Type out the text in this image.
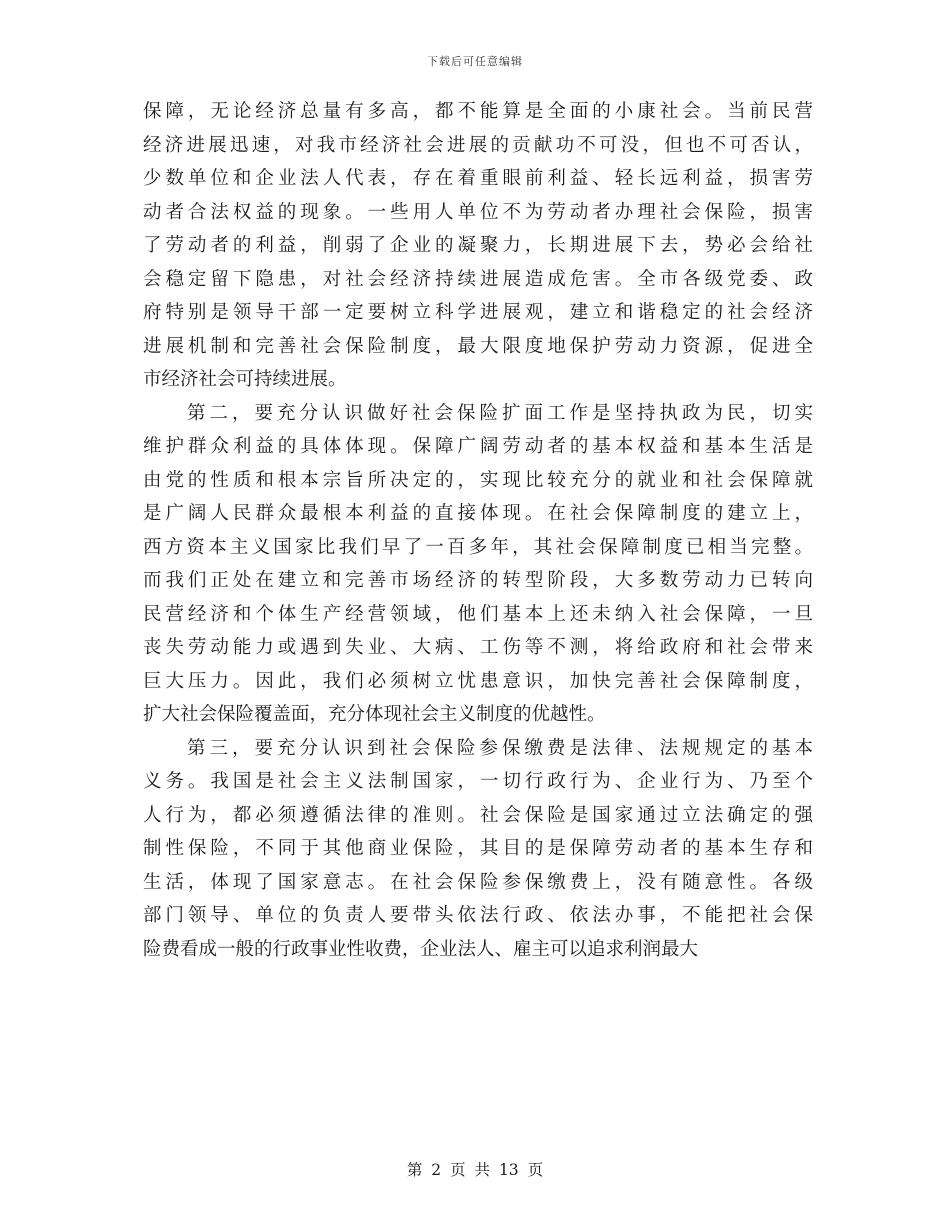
下载后可任意编辑
保障，无论经济总量有多高，都不能算是全面的小康社会。当前民营
经济进展迅速，对我市经济社会进展的贡献功不可没，但也不可否认，
少数单位和企业法人代表，存在着重眼前利益、轻长远利益，损害劳
动者合法权益的现象。一些用人单位不为劳动者办理社会保险，损害
了劳动者的利益，削弱了企业的凝聚力，长期进展下去，势必会给社
会稳定留下隐患，对社会经济持续进展造成危害。全市各级党委、政
府特别是领导干部一定要树立科学进展观，建立和谐稳定的社会经济
进展机制和完善社会保险制度，最大限度地保护劳动力资源，促进全
市经济社会可持续进展。
第二，要充分认识做好社会保险扩面工作是坚持执政为民，切实
维护群众利益的具体体现。保障广阔劳动者的基本权益和基本生活是
由党的性质和根本宗旨所决定的，实现比较充分的就业和社会保障就
是广阔人民群众最根本利益的直接体现。在社会保障制度的建立上，
西方资本主义国家比我们早了一百多年，其社会保障制度已相当完整。
而我们正处在建立和完善市场经济的转型阶段，大多数劳动力已转向
民营经济和个体生产经营领域，他们基本上还未纳入社会保障，一旦
丧失劳动能力或遇到失业、大病、工伤等不测，将给政府和社会带来
巨大压力。因此，我们必须树立忧患意识，加快完善社会保障制度，
扩大社会保险覆盖面，充分体现社会主义制度的优越性。
第三，要充分认识到社会保险参保缴费是法律、法规规定的基本
义务。我国是社会主义法制国家，一切行政行为、企业行为、乃至个
人行为，都必须遵循法律的准则。社会保险是国家通过立法确定的强
制性保险，不同于其他商业保险，其目的是保障劳动者的基本生存和
生活，体现了国家意志。在社会保险参保缴费上，没有随意性。各级
部门领导、单位的负责人要带头依法行政、依法办事，不能把社会保
险费看成一般的行政事业性收费，企业法人、雇主可以追求利润最大
第 2 页 共 13 页
